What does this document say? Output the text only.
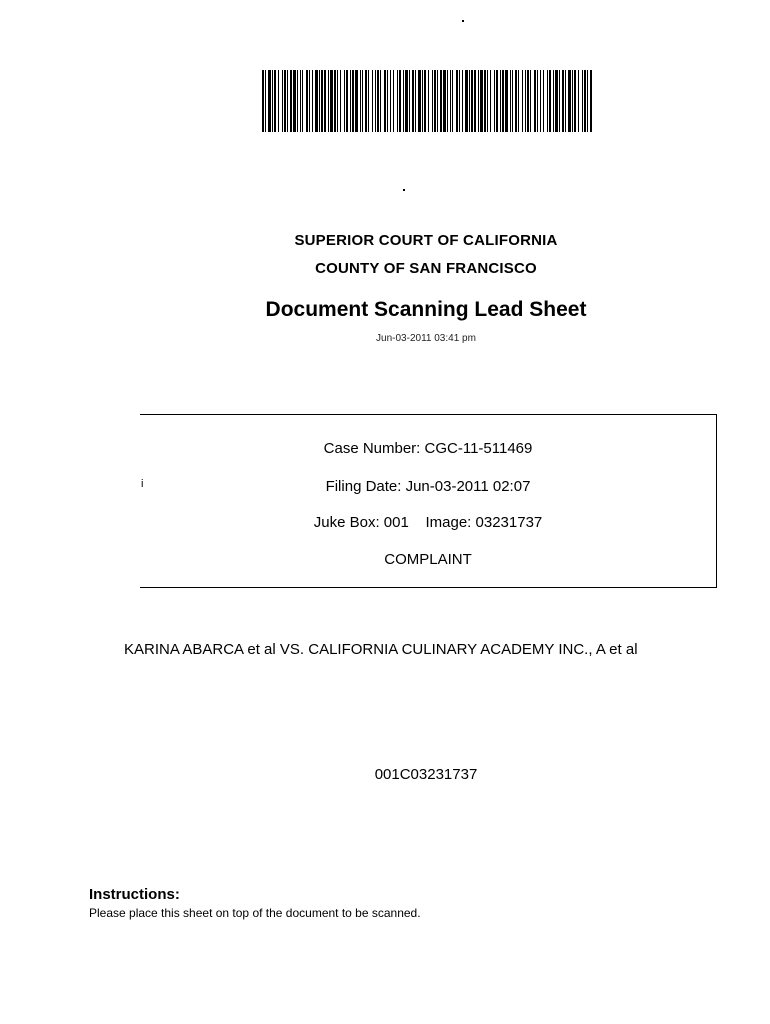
SUPERIOR COURT OF CALIFORNIA
COUNTY OF SAN FRANCISCO
Document Scanning Lead Sheet
Jun-03-2011 03:41 pm
i
Case Number: CGC-11-511469
Filing Date: Jun-03-2011 02:07
Juke Box: 001 Image: 03231737
COMPLAINT
KARINA ABARCA et al VS. CALIFORNIA CULINARY ACADEMY INC., A et al
001C03231737
Instructions:
Please place this sheet on top of the document to be scanned.
